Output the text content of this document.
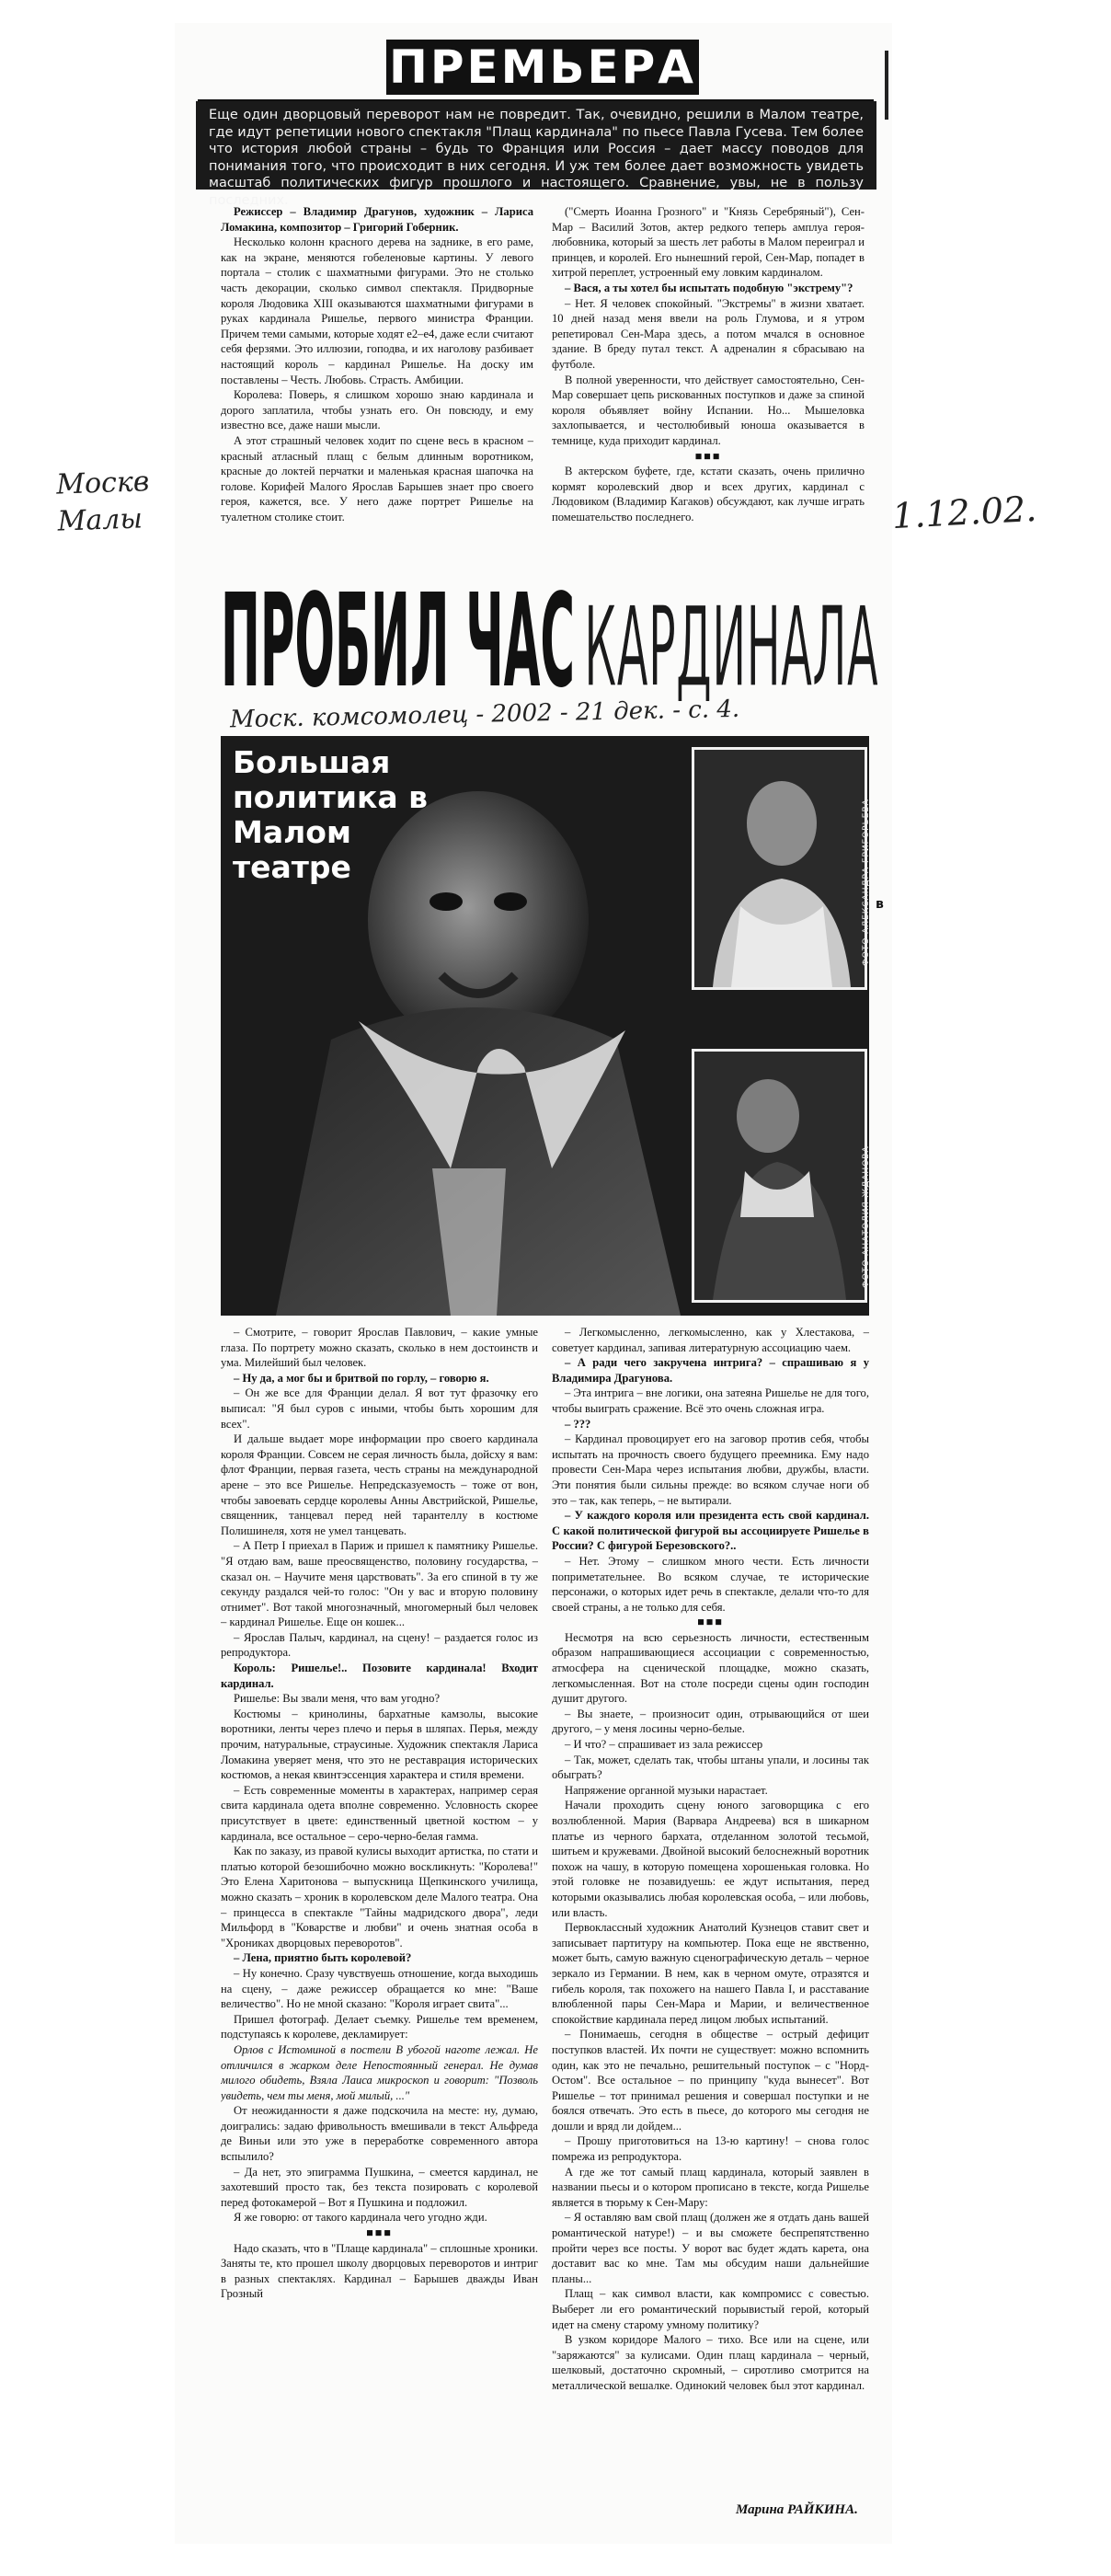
ПРЕМЬЕРА
Еще один дворцовый переворот нам не повредит. Так, очевидно, решили в Малом театре, где идут репетиции нового спектакля "Плащ кардинала" по пьесе Павла Гусева. Тем более что история любой страны – будь то Франция или Россия – дает массу поводов для понимания того, что происходит в них сегодня. И уж тем более дает возможность увидеть масштаб политических фигур прошлого и настоящего. Сравнение, увы, не в пользу последних.

Режиссер – Владимир Драгунов, художник – Лариса Ломакина, композитор – Григорий Гоберник.

Несколько колонн красного дерева на заднике, в его раме, как на экране, меняются гобеленовые картины. У левого портала – столик с шахматными фигурами. Это не столько часть декорации, сколько символ спектакля. Придворные короля Людовика XIII оказываются шахматными фигурами в руках кардинала Ришелье, первого министра Франции. Причем теми самыми, которые ходят е2–е4, даже если считают себя ферзями. Это иллюзии, гоподва, и их наголову разбивает настоящий король – кардинал Ришелье. На доску им поставлены – Честь. Любовь. Страсть. Амбиции.

Королева: Поверь, я слишком хорошо знаю кардинала и дорого заплатила, чтобы узнать его. Он повсюду, и ему известно все, даже наши мысли.

А этот страшный человек ходит по сцене весь в красном – красный атласный плащ с белым длинным воротником, красные до локтей перчатки и маленькая красная шапочка на голове. Корифей Малого Ярослав Барышев знает про своего героя, кажется, все. У него даже портрет Ришелье на туалетном столике стоит.

("Смерть Иоанна Грозного" и "Князь Серебряный"), Сен-Мар – Василий Зотов, актер редкого теперь амплуа героя-любовника, который за шесть лет работы в Малом переиграл и принцев, и королей. Его нынешний герой, Сен-Мар, попадет в хитрой переплет, устроенный ему ловким кардиналом.

– Вася, а ты хотел бы испытать подобную "экстрему"?

– Нет. Я человек спокойный. "Экстремы" в жизни хватает. 10 дней назад меня ввели на роль Глумова, и я утром репетировал Сен-Мара здесь, а потом мчался в основное здание. В бреду путал текст. А адреналин я сбрасываю на футболе.

В полной уверенности, что действует самостоятельно, Сен-Мар совершает цепь рискованных поступков и даже за спиной короля объявляет войну Испании. Но... Мышеловка захлопывается, и честолюбивый юноша оказывается в темнице, куда приходит кардинал.

■■■

В актерском буфете, где, кстати сказать, очень прилично кормят королевский двор и всех других, кардинал с Людовиком (Владимир Кагаков) обсуждают, как лучше играть помешательство последнего.

Москв Малы	1.12.02.
ПРОБИЛ ЧАС КАРДИНАЛА
Моск. комсомолец - 2002 - 21 дек. - с. 4.
Большая политика в Малом театре	ФОТО АЛЕКСАНДРА ГРИГОРЬЕВА
ФОТО АНАТОЛИЯ ЖДАНОВА
в

– Смотрите, – говорит Ярослав Павлович, – какие умные глаза. По портрету можно сказать, сколько в нем достоинств и ума. Милейший был человек.

– Ну да, а мог бы и бритвой по горлу, – говорю я.

– Он же все для Франции делал. Я вот тут фразочку его выписал: "Я был суров с иными, чтобы быть хорошим для всех".

И дальше выдает море информации про своего кардинала короля Франции. Совсем не серая личность была, дойсху я вам: флот Франции, первая газета, честь страны на международной арене – это все Ришелье. Непредсказуемость – тоже от вон, чтобы завоевать сердце королевы Анны Австрийской, Ришелье, священник, танцевал перед ней тарантеллу в костюме Полишинеля, хотя не умел танцевать.

– А Петр I приехал в Париж и пришел к памятнику Ришелье. "Я отдаю вам, ваше преосвященство, половину государства, – сказал он. – Научите меня царствовать". За его спиной в ту же секунду раздался чей-то голос: "Он у вас и вторую половину отнимет". Вот такой многозначный, многомерный был человек – кардинал Ришелье. Еще он кошек...

– Ярослав Палыч, кардинал, на сцену! – раздается голос из репродуктора.

Король: Ришелье!.. Позовите кардинала! Входит кардинал.

Ришелье: Вы звали меня, что вам угодно?

Костюмы – кринолины, бархатные камзолы, высокие воротники, ленты через плечо и перья в шляпах. Перья, между прочим, натуральные, страусиные. Художник спектакля Лариса Ломакина уверяет меня, что это не реставрация исторических костюмов, а некая квинтэссенция характера и стиля времени.

– Есть современные моменты в характерах, например серая свита кардинала одета вполне современно. Условность скорее присутствует в цвете: единственный цветной костюм – у кардинала, все остальное – серо-черно-белая гамма.

Как по заказу, из правой кулисы выходит артистка, по стати и платью которой безошибочно можно воскликнуть: "Королева!" Это Елена Харитонова – выпускница Щепкинского училища, можно сказать – хроник в королевском деле Малого театра. Она – принцесса в спектакле "Тайны мадридского двора", леди Мильфорд в "Коварстве и любви" и очень знатная особа в "Хрониках дворцовых переворотов".

– Лена, приятно быть королевой?

– Ну конечно. Сразу чувствуешь отношение, когда выходишь на сцену, – даже режиссер обращается ко мне: "Ваше величество". Но не мной сказано: "Короля играет свита"...

Пришел фотограф. Делает съемку. Ришелье тем временем, подступаясь к королеве, декламирует:

Орлов с Истоминой в постели В убогой наготе лежал. Не отличился в жарком деле Непостоянный генерал. Не думав милого обидеть, Взяла Лаиса микроскоп и говорит: "Позволь увидеть, чем ты меня, мой милый, ..."

От неожиданности я даже подскочила на месте: ну, думаю, доигрались: задаю фривольность вмешивали в текст Альфреда де Виньи или это уже в переработке современного автора вспылило?

– Да нет, это эпиграмма Пушкина, – смеется кардинал, не захотевший просто так, без текста позировать с королевой перед фотокамерой – Вот я Пушкина и подложил.

Я же говорю: от такого кардинала чего угодно жди.

■■■

Надо сказать, что в "Плаще кардинала" – сплошные хроники. Заняты те, кто прошел школу дворцовых переворотов и интриг в разных спектаклях. Кардинал – Барышев дважды Иван Грозный

– Легкомысленно, легкомысленно, как у Хлестакова, – советует кардинал, запивая литературную ассоциацию чаем.

– А ради чего закручена интрига? – спрашиваю я у Владимира Драгунова.

– Эта интрига – вне логики, она затеяна Ришелье не для того, чтобы выиграть сражение. Всё это очень сложная игра.

– ???

– Кардинал провоцирует его на заговор против себя, чтобы испытать на прочность своего будущего преемника. Ему надо провести Сен-Мара через испытания любви, дружбы, власти. Эти понятия были сильны прежде: во всяком случае ноги об это – так, как теперь, – не вытирали.

– У каждого короля или президента есть свой кардинал. С какой политической фигурой вы ассоциируете Ришелье в России? С фигурой Березовского?..

– Нет. Этому – слишком много чести. Есть личности поприметательнее. Во всяком случае, те исторические персонажи, о которых идет речь в спектакле, делали что-то для своей страны, а не только для себя.

■■■

Несмотря на всю серьезность личности, естественным образом напрашивающиеся ассоциации с современностью, атмосфера на сценической площадке, можно сказать, легкомысленная. Вот на столе посреди сцены один господин душит другого.

– Вы знаете, – произносит один, отрывающийся от шеи другого, – у меня лосины черно-белые.

– И что? – спрашивает из зала режиссер

– Так, может, сделать так, чтобы штаны упали, и лосины так обыграть?

Напряжение органной музыки нарастает.

Начали проходить сцену юного заговорщика с его возлюбленной. Мария (Варвара Андреева) вся в шикарном платье из черного бархата, отделанном золотой тесьмой, шитьем и кружевами. Двойной высокий белоснежный воротник похож на чашу, в которую помещена хорошенькая головка. Но этой головке не позавидуешь: ее ждут испытания, перед которыми оказывались любая королевская особа, – или любовь, или власть.

Первоклассный художник Анатолий Кузнецов ставит свет и записывает партитуру на компьютер. Пока еще не явственно, может быть, самую важную сценографическую деталь – черное зеркало из Германии. В нем, как в черном омуте, отразятся и гибель короля, так похожего на нашего Павла I, и расставание влюбленной пары Сен-Мара и Марии, и величественное спокойствие кардинала перед лицом любых испытаний.

– Понимаешь, сегодня в обществе – острый дефицит поступков властей. Их почти не существует: можно вспомнить один, как это не печально, решительный поступок – с "Норд-Остом". Все остальное – по принципу "куда вынесет". Вот Ришелье – тот принимал решения и совершал поступки и не боялся отвечать. Это есть в пьесе, до которого мы сегодня не дошли и вряд ли дойдем...

– Прошу приготовиться на 13-ю картину! – снова голос помрежа из репродуктора.

А где же тот самый плащ кардинала, который заявлен в названии пьесы и о котором прописано в тексте, когда Ришелье является в тюрьму к Сен-Мару:

– Я оставляю вам свой плащ (должен же я отдать дань вашей романтической натуре!) – и вы сможете беспрепятственно пройти через все посты. У ворот вас будет ждать карета, она доставит вас ко мне. Там мы обсудим наши дальнейшие планы...

Плащ – как символ власти, как компромисс с совестью. Выберет ли его романтический порывистый герой, который идет на смену старому умному политику?

В узком коридоре Малого – тихо. Все или на сцене, или "заряжаются" за кулисами. Один плащ кардинала – черный, шелковый, достаточно скромный, – сиротливо смотрится на металлической вешалке. Одинокий человек был этот кардинал.

Марина РАЙКИНА.
